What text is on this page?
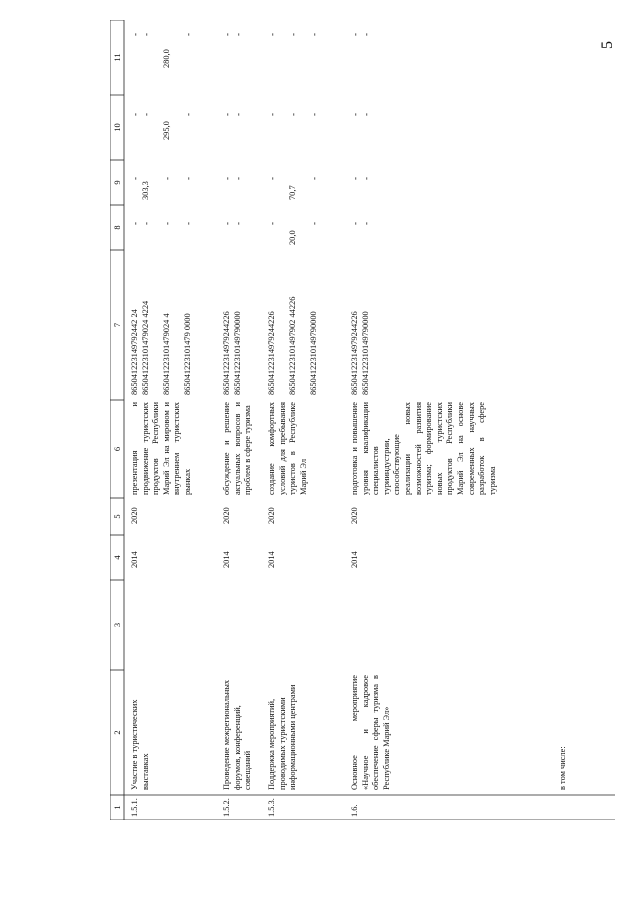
5
1
2
3
4
5
6
7
8
9
10
11
1.5.1.
Участие в туристических выставках
2014
2020
презентация и продвижение туристских продуктов Республики Марий Эл на мировом и внутреннем туристских рынках
865041223149792442 24 865041223101479024 4224 865041223101479024 4 865041223101479 0000
- - - -
-
303,3
- -
- -
295,0
-
- -
280,0
-
1.5.2.
Проведение межрегиональных форумов, конференций, совещаний
2014
2020
обсуждение и решение актуальных вопросов и проблем в сфере туризма
86504122314979244226 86504122310149790000
- -
- -
- -
- -
1.5.3.
Поддержка мероприятий, проводимых туристскими информационными центрами
2014
2020
создание комфортных условий для пребывания туристов в Республике Марий Эл
86504122314979244226 865041223101497902 44226 86504122310149790000
-
20,0
-
-
70,7
-
- - -
- - -
1.6.
Основное мероприятие «Научное и кадровое обеспечение сферы туризма в Республике Марий Эл»
2014
2020
подготовка и повышение уровня квалификации специалистов турииндустрии, способствующие реализации новых возможностей развития туризма; формирование новых туристских продуктов Республики Марий Эл на основе современных научных разработок в сфере туризма
86504122314979244226 86504122310149790000
- -
- -
- -
- -
в том числе:
